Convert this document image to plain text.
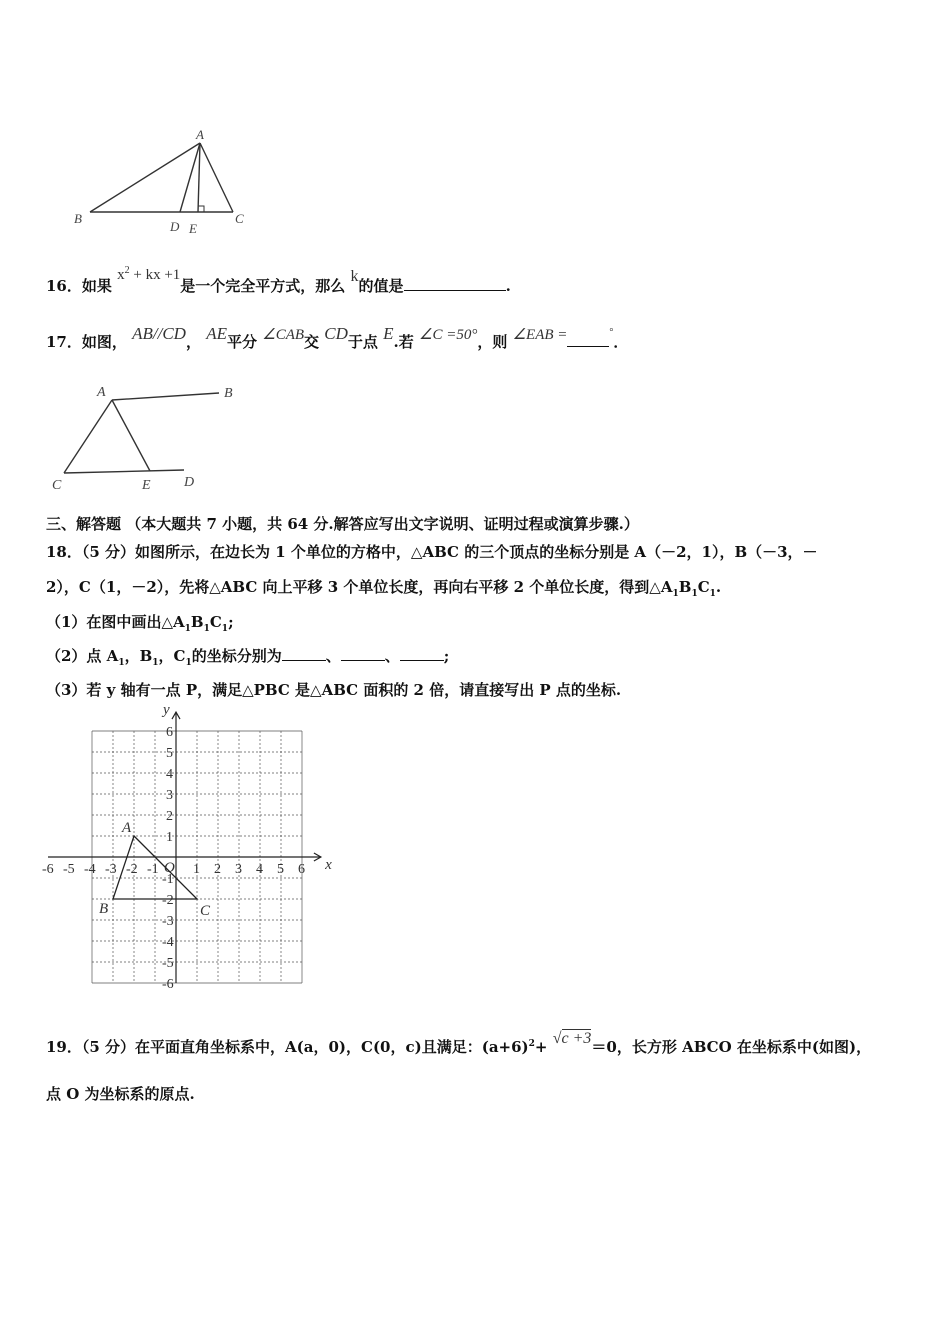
A
B	C
D E
16．如果 $x^2$ + kx +1是一个完全平方式，那么 k的值是	.
17．如图， AB//CD， AE平分 ∠CAB交 CD于点 E.若 ∠C =50°，则 ∠EAB =	°．
A	B
C	E D
三、解答题 （本大题共 7 小题，共 64 分.解答应写出文字说明、证明过程或演算步骤.）
18．（5 分）如图所示，在边长为 1 个单位的方格中，△ABC 的三个顶点的坐标分别是 A（－2，1），B（－3，－
2），C（1，－2），先将△ABC 向上平移 3 个单位长度，再向右平移 2 个单位长度，得到$\triangle A_1B_1C_1$.
（1）在图中画出$\triangle A_1B_1C_1$;
（2）点 $A_1$，$B_1$，$C_1$的坐标分别为	、	、	;
（3）若 y 轴有一点 P，满足△PBC 是△ABC 面积的 2 倍，请直接写出 P 点的坐标.
-6 -5 -4 -3 -2 -1 1 2 3 4 5 6
6
5
4
3
2
1
-1
-2
-3
-4
-5
-6
x
y
O
A
B	C
19．（5 分）在平面直角坐标系中，A(a，0)，C(0，c)且满足：$(a+6)^2+ √c +3=0$，长方形 ABCO 在坐标系中(如图)，
点 O 为坐标系的原点.
